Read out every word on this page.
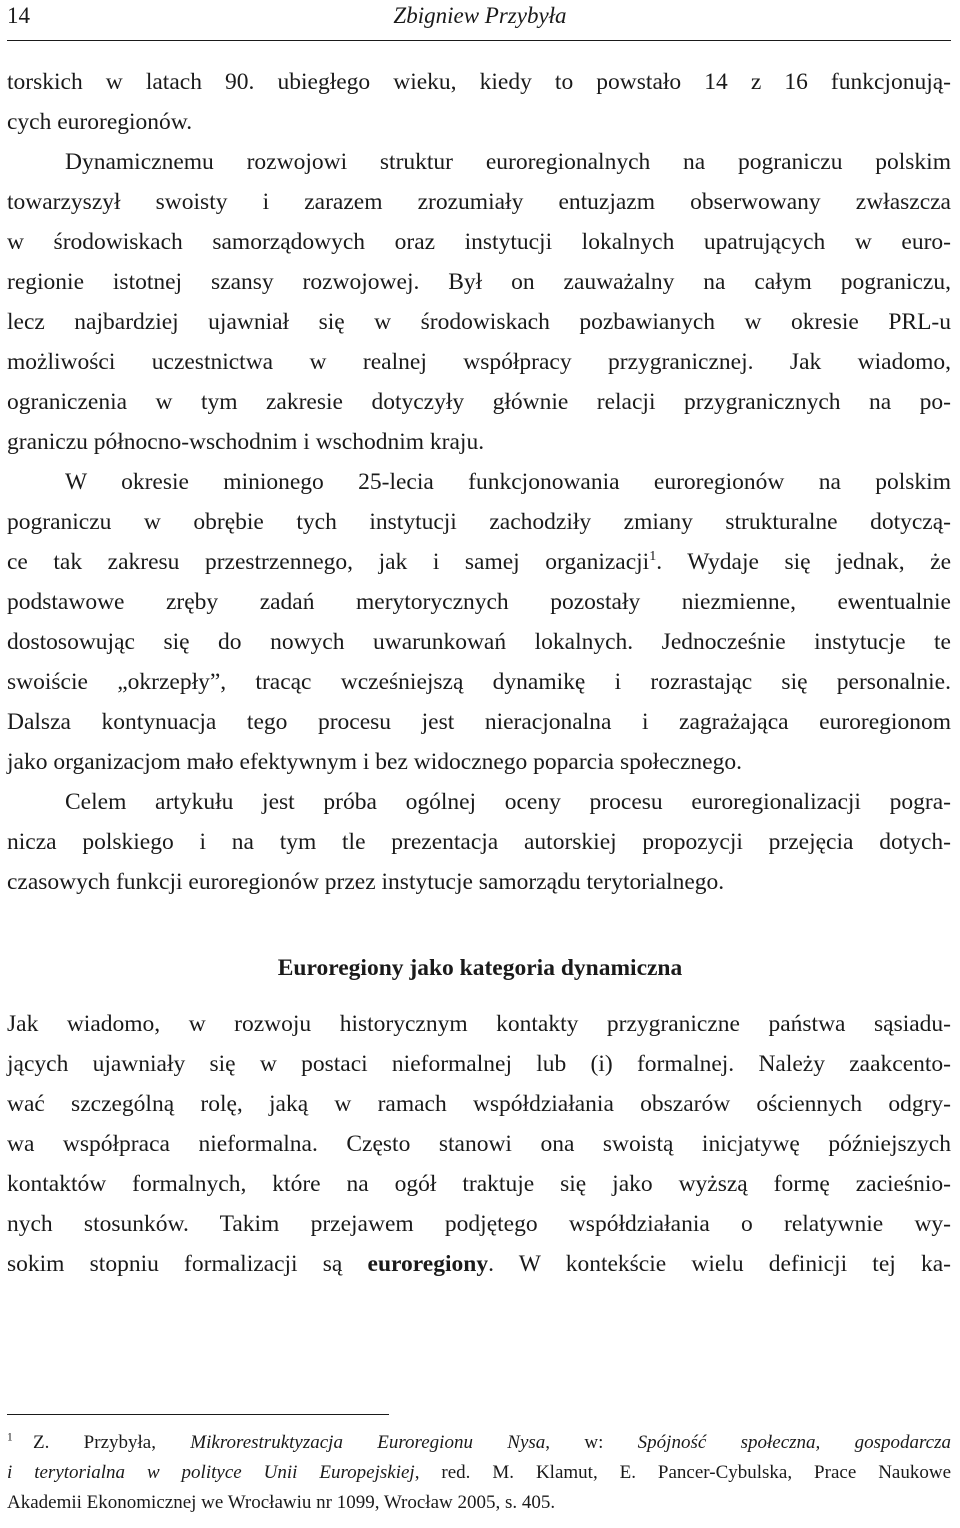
14	Zbigniew Przybyła
torskich w latach 90. ubiegłego wieku, kiedy to powstało 14 z 16 funkcjonują-
cych euroregionów.
Dynamicznemu rozwojowi struktur euroregionalnych na pograniczu polskim
towarzyszył swoisty i zarazem zrozumiały entuzjazm obserwowany zwłaszcza
w środowiskach samorządowych oraz instytucji lokalnych upatrujących w euro-
regionie istotnej szansy rozwojowej. Był on zauważalny na całym pograniczu,
lecz najbardziej ujawniał się w środowiskach pozbawianych w okresie PRL-u
możliwości uczestnictwa w realnej współpracy przygranicznej. Jak wiadomo,
ograniczenia w tym zakresie dotyczyły głównie relacji przygranicznych na po-
graniczu północno-wschodnim i wschodnim kraju.
W okresie minionego 25-lecia funkcjonowania euroregionów na polskim
pograniczu w obrębie tych instytucji zachodziły zmiany strukturalne dotyczą-
ce tak zakresu przestrzennego, jak i samej organizacji$^1$. Wydaje się jednak, że
podstawowe zręby zadań merytorycznych pozostały niezmienne, ewentualnie
dostosowując się do nowych uwarunkowań lokalnych. Jednocześnie instytucje te
swoiście „okrzepły”, tracąc wcześniejszą dynamikę i rozrastając się personalnie.
Dalsza kontynuacja tego procesu jest nieracjonalna i zagrażająca euroregionom
jako organizacjom mało efektywnym i bez widocznego poparcia społecznego.
Celem artykułu jest próba ogólnej oceny procesu euroregionalizacji pogra-
nicza polskiego i na tym tle prezentacja autorskiej propozycji przejęcia dotych-
czasowych funkcji euroregionów przez instytucje samorządu terytorialnego.
Euroregiony jako kategoria dynamiczna
Jak wiadomo, w rozwoju historycznym kontakty przygraniczne państwa sąsiadu-
jących ujawniały się w postaci nieformalnej lub (i) formalnej. Należy zaakcento-
wać szczególną rolę, jaką w ramach współdziałania obszarów ościennych odgry-
wa współpraca nieformalna. Często stanowi ona swoistą inicjatywę późniejszych
kontaktów formalnych, które na ogół traktuje się jako wyższą formę zacieśnio-
nych stosunków. Takim przejawem podjętego współdziałania o relatywnie wy-
sokim stopniu formalizacji są euroregiony. W kontekście wielu definicji tej ka-
$^1$ Z. Przybyła, Mikrorestruktyzacja Euroregionu Nysa, w: Spójność społeczna, gospodarcza
i terytorialna w polityce Unii Europejskiej, red. M. Klamut, E. Pancer-Cybulska, Prace Naukowe
Akademii Ekonomicznej we Wrocławiu nr 1099, Wrocław 2005, s. 405.
